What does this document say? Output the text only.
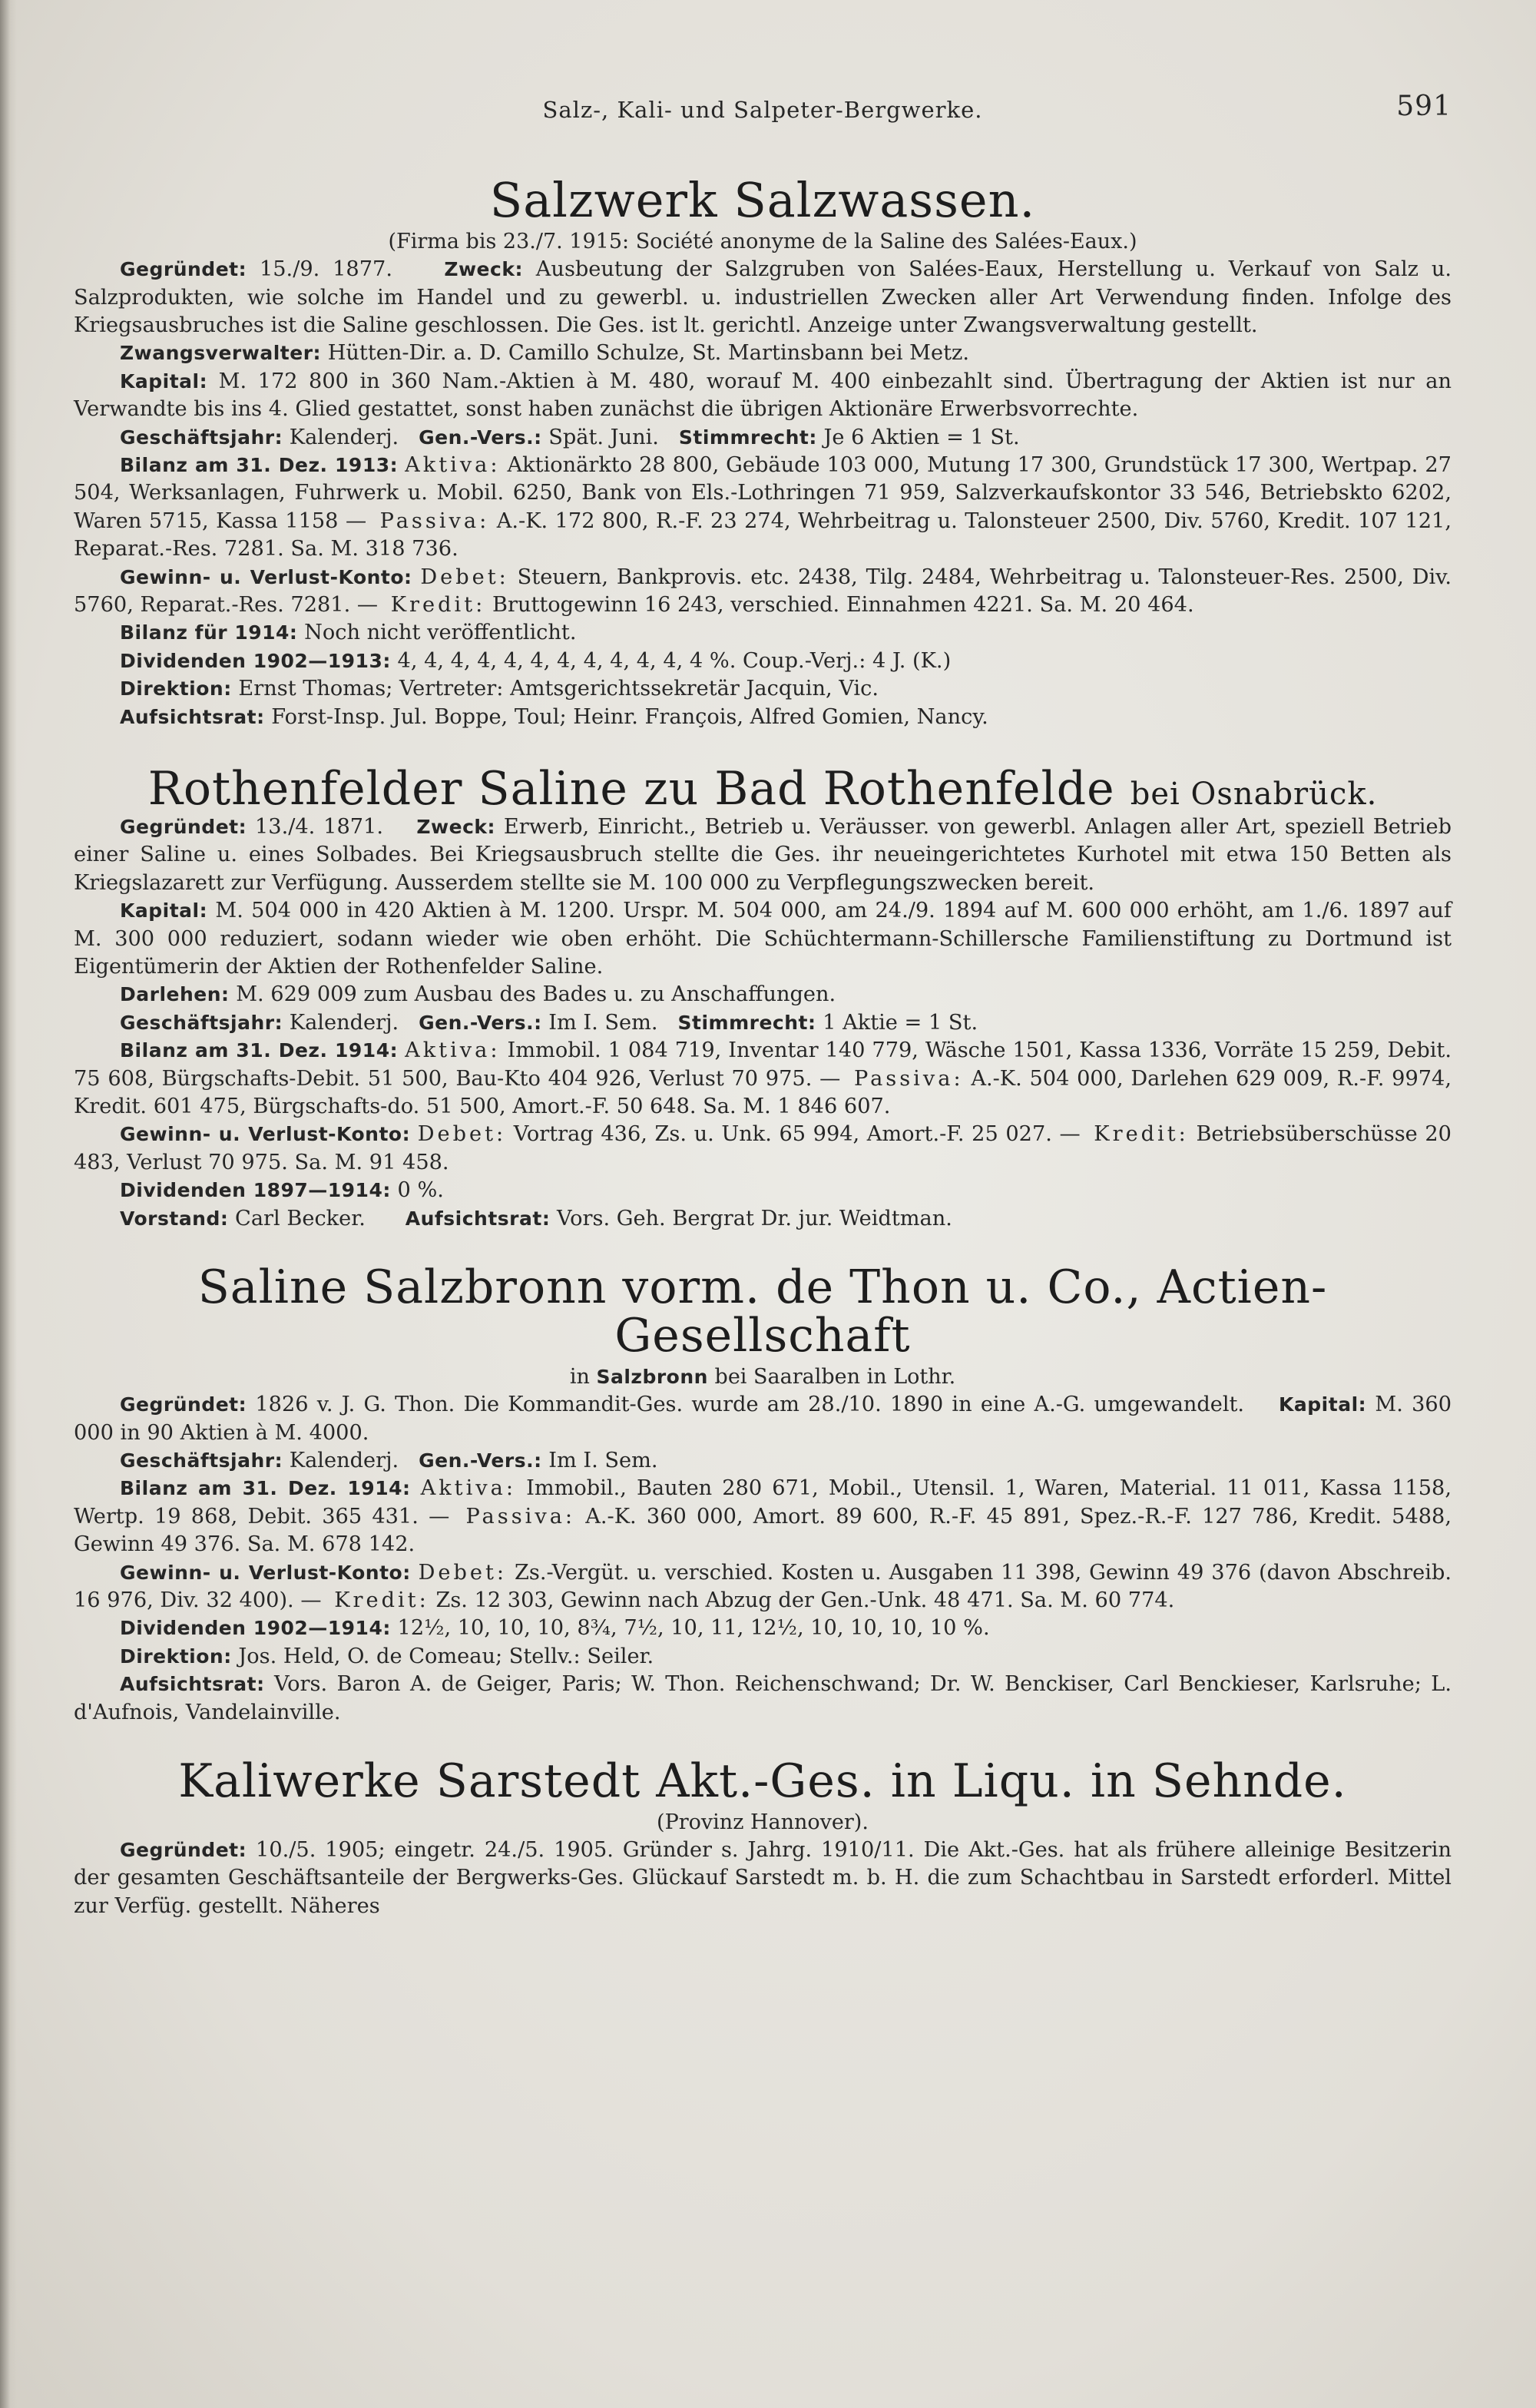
Salz-, Kali- und Salpeter-Bergwerke.	591
Salzwerk Salzwassen.
(Firma bis 23./7. 1915: Société anonyme de la Saline des Salées-Eaux.)

Gegründet: 15./9. 1877.	Zweck: Ausbeutung der Salzgruben von Salées-Eaux, Herstellung u. Verkauf von Salz u. Salzprodukten, wie solche im Handel und zu gewerbl. u. industriellen Zwecken aller Art Verwendung finden. Infolge des Kriegsausbruches ist die Saline geschlossen. Die Ges. ist lt. gerichtl. Anzeige unter Zwangsverwaltung gestellt.

Zwangsverwalter: Hütten-Dir. a. D. Camillo Schulze, St. Martinsbann bei Metz.

Kapital: M. 172 800 in 360 Nam.-Aktien à M. 480, worauf M. 400 einbezahlt sind. Übertragung der Aktien ist nur an Verwandte bis ins 4. Glied gestattet, sonst haben zunächst die übrigen Aktionäre Erwerbsvorrechte.

Geschäftsjahr: Kalenderj. Gen.-Vers.: Spät. Juni. Stimmrecht: Je 6 Aktien = 1 St.

Bilanz am 31. Dez. 1913: Aktiva: Aktionärkto 28 800, Gebäude 103 000, Mutung 17 300, Grundstück 17 300, Wertpap. 27 504, Werksanlagen, Fuhrwerk u. Mobil. 6250, Bank von Els.-Lothringen 71 959, Salzverkaufskontor 33 546, Betriebskto 6202, Waren 5715, Kassa 1158 — Passiva: A.-K. 172 800, R.-F. 23 274, Wehrbeitrag u. Talonsteuer 2500, Div. 5760, Kredit. 107 121, Reparat.-Res. 7281. Sa. M. 318 736.

Gewinn- u. Verlust-Konto: Debet: Steuern, Bankprovis. etc. 2438, Tilg. 2484, Wehrbeitrag u. Talonsteuer-Res. 2500, Div. 5760, Reparat.-Res. 7281. — Kredit: Bruttogewinn 16 243, verschied. Einnahmen 4221. Sa. M. 20 464.

Bilanz für 1914: Noch nicht veröffentlicht.

Dividenden 1902—1913: 4, 4, 4, 4, 4, 4, 4, 4, 4, 4, 4, 4 %. Coup.-Verj.: 4 J. (K.)

Direktion: Ernst Thomas; Vertreter: Amtsgerichtssekretär Jacquin, Vic.

Aufsichtsrat: Forst-Insp. Jul. Boppe, Toul; Heinr. François, Alfred Gomien, Nancy.

Rothenfelder Saline zu Bad Rothenfelde bei Osnabrück.

Gegründet: 13./4. 1871. Zweck: Erwerb, Einricht., Betrieb u. Veräusser. von gewerbl. Anlagen aller Art, speziell Betrieb einer Saline u. eines Solbades. Bei Kriegsausbruch stellte die Ges. ihr neueingerichtetes Kurhotel mit etwa 150 Betten als Kriegslazarett zur Verfügung. Ausserdem stellte sie M. 100 000 zu Verpflegungszwecken bereit.

Kapital: M. 504 000 in 420 Aktien à M. 1200. Urspr. M. 504 000, am 24./9. 1894 auf M. 600 000 erhöht, am 1./6. 1897 auf M. 300 000 reduziert, sodann wieder wie oben erhöht. Die Schüchtermann-Schillersche Familienstiftung zu Dortmund ist Eigentümerin der Aktien der Rothenfelder Saline.

Darlehen: M. 629 009 zum Ausbau des Bades u. zu Anschaffungen.

Geschäftsjahr: Kalenderj. Gen.-Vers.: Im I. Sem. Stimmrecht: 1 Aktie = 1 St.

Bilanz am 31. Dez. 1914: Aktiva: Immobil. 1 084 719, Inventar 140 779, Wäsche 1501, Kassa 1336, Vorräte 15 259, Debit. 75 608, Bürgschafts-Debit. 51 500, Bau-Kto 404 926, Verlust 70 975. — Passiva: A.-K. 504 000, Darlehen 629 009, R.-F. 9974, Kredit. 601 475, Bürgschafts-do. 51 500, Amort.-F. 50 648. Sa. M. 1 846 607.

Gewinn- u. Verlust-Konto: Debet: Vortrag 436, Zs. u. Unk. 65 994, Amort.-F. 25 027. — Kredit: Betriebsüberschüsse 20 483, Verlust 70 975. Sa. M. 91 458.

Dividenden 1897—1914: 0 %.

Vorstand: Carl Becker. Aufsichtsrat: Vors. Geh. Bergrat Dr. jur. Weidtman.

Saline Salzbronn vorm. de Thon u. Co., Actien-Gesellschaft
in Salzbronn bei Saaralben in Lothr.

Gegründet: 1826 v. J. G. Thon. Die Kommandit-Ges. wurde am 28./10. 1890 in eine A.-G. umgewandelt. Kapital: M. 360 000 in 90 Aktien à M. 4000.

Geschäftsjahr: Kalenderj. Gen.-Vers.: Im I. Sem.

Bilanz am 31. Dez. 1914: Aktiva: Immobil., Bauten 280 671, Mobil., Utensil. 1, Waren, Material. 11 011, Kassa 1158, Wertp. 19 868, Debit. 365 431. — Passiva: A.-K. 360 000, Amort. 89 600, R.-F. 45 891, Spez.-R.-F. 127 786, Kredit. 5488, Gewinn 49 376. Sa. M. 678 142.

Gewinn- u. Verlust-Konto: Debet: Zs.-Vergüt. u. verschied. Kosten u. Ausgaben 11 398, Gewinn 49 376 (davon Abschreib. 16 976, Div. 32 400). — Kredit: Zs. 12 303, Gewinn nach Abzug der Gen.-Unk. 48 471. Sa. M. 60 774.

Dividenden 1902—1914: 12½, 10, 10, 10, 8¾, 7½, 10, 11, 12½, 10, 10, 10, 10 %.

Direktion: Jos. Held, O. de Comeau; Stellv.: Seiler.

Aufsichtsrat: Vors. Baron A. de Geiger, Paris; W. Thon. Reichenschwand; Dr. W. Benckiser, Carl Benckieser, Karlsruhe; L. d'Aufnois, Vandelainville.

Kaliwerke Sarstedt Akt.-Ges. in Liqu. in Sehnde.
(Provinz Hannover).

Gegründet: 10./5. 1905; eingetr. 24./5. 1905. Gründer s. Jahrg. 1910/11. Die Akt.-Ges. hat als frühere alleinige Besitzerin der gesamten Geschäftsanteile der Bergwerks-Ges. Glückauf Sarstedt m. b. H. die zum Schachtbau in Sarstedt erforderl. Mittel zur Verfüg. gestellt. Näheres
